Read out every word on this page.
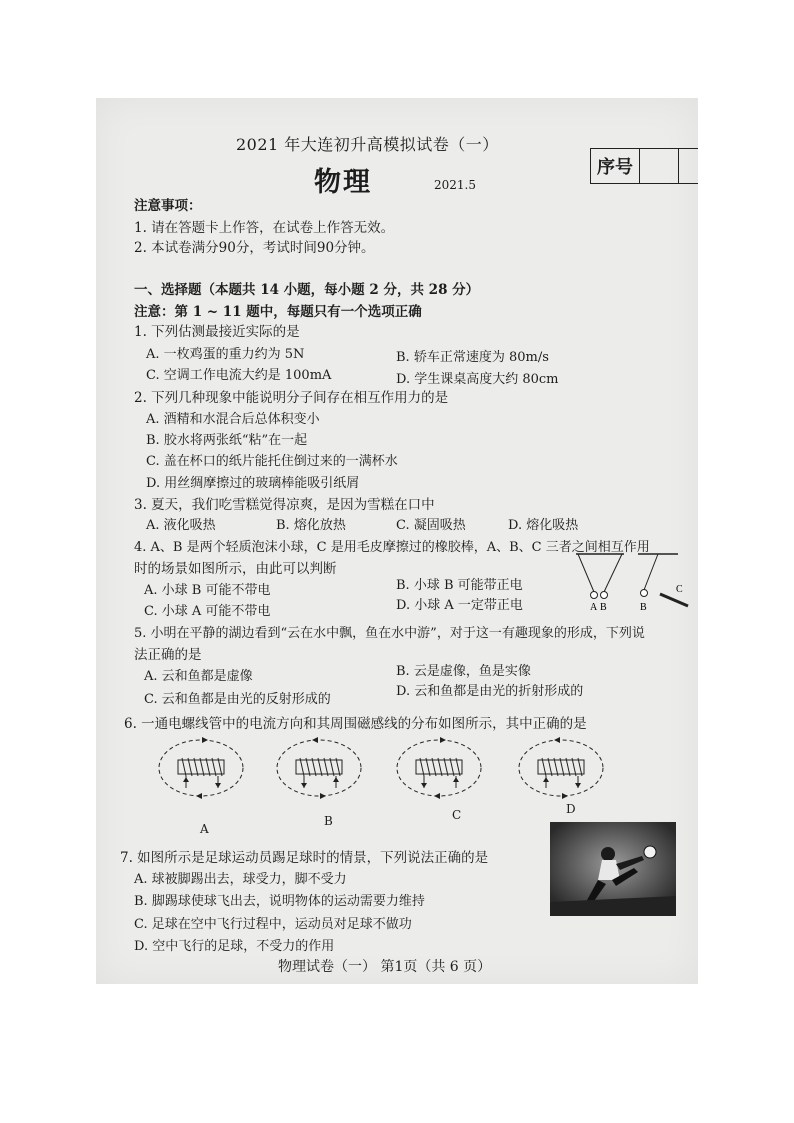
2021 年大连初升高模拟试卷（一）
物理	2021.5
序号
注意事项：
1. 请在答题卡上作答，在试卷上作答无效。
2. 本试卷满分90分，考试时间90分钟。
一、选择题（本题共 14 小题，每小题 2 分，共 28 分）
注意：第 1 ~ 11 题中，每题只有一个选项正确
1. 下列估测最接近实际的是
A. 一枚鸡蛋的重力约为 5N	B. 轿车正常速度为 80m/s
C. 空调工作电流大约是 100mA	D. 学生课桌高度大约 80cm
2. 下列几种现象中能说明分子间存在相互作用力的是
A. 酒精和水混合后总体积变小
B. 胶水将两张纸“粘”在一起
C. 盖在杯口的纸片能托住倒过来的一满杯水
D. 用丝绸摩擦过的玻璃棒能吸引纸屑
3. 夏天，我们吃雪糕觉得凉爽，是因为雪糕在口中
A. 液化吸热	B. 熔化放热	C. 凝固吸热	D. 熔化吸热
4. A、B 是两个轻质泡沫小球，C 是用毛皮摩擦过的橡胶棒，A、B、C 三者之间相互作用
时的场景如图所示，由此可以判断
A. 小球 B 可能不带电	B. 小球 B 可能带正电
C. 小球 A 可能不带电	D. 小球 A 一定带正电	A B	B
C
5. 小明在平静的湖边看到“云在水中飘，鱼在水中游”，对于这一有趣现象的形成，下列说
法正确的是
A. 云和鱼都是虚像	B. 云是虚像，鱼是实像
C. 云和鱼都是由光的反射形成的
D. 云和鱼都是由光的折射形成的
6. 一通电螺线管中的电流方向和其周围磁感线的分布如图所示，其中正确的是
A
B	C	D
7. 如图所示是足球运动员踢足球时的情景，下列说法正确的是
A. 球被脚踢出去，球受力，脚不受力
B. 脚踢球使球飞出去，说明物体的运动需要力维持
C. 足球在空中飞行过程中，运动员对足球不做功
D. 空中飞行的足球，不受力的作用
物理试卷（一） 第1页（共 6 页）
